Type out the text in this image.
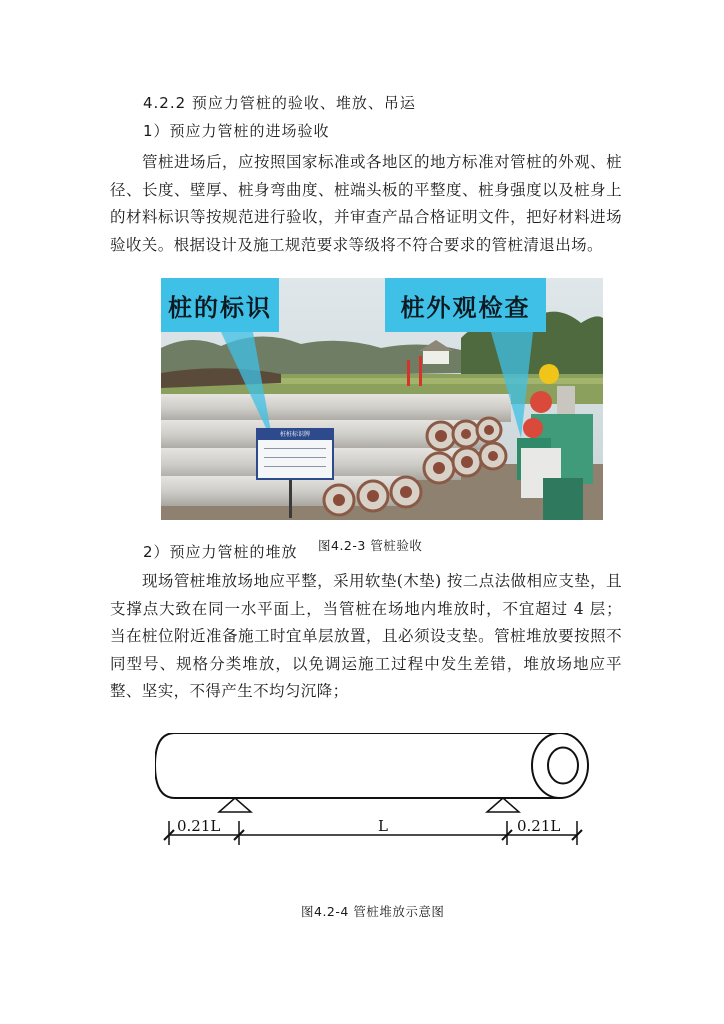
4.2.2 预应力管桩的验收、堆放、吊运
1）预应力管桩的进场验收
管桩进场后，应按照国家标准或各地区的地方标准对管桩的外观、桩径、长度、壁厚、桩身弯曲度、桩端头板的平整度、桩身强度以及桩身上的材料标识等按规范进行验收，并审查产品合格证明文件，把好材料进场验收关。根据设计及施工规范要求等级将不符合要求的管桩清退出场。
桩的标识	桩外观检查
桩桩标识牌
图4.2-3 管桩验收
2）预应力管桩的堆放
现场管桩堆放场地应平整，采用软垫(木垫) 按二点法做相应支垫，且支撑点大致在同一水平面上，当管桩在场地内堆放时，不宜超过 4 层；当在桩位附近准备施工时宜单层放置，且必须设支垫。管桩堆放要按照不同型号、规格分类堆放，以免调运施工过程中发生差错，堆放场地应平整、坚实，不得产生不均匀沉降；
0.21L	L	0.21L
图4.2-4 管桩堆放示意图
